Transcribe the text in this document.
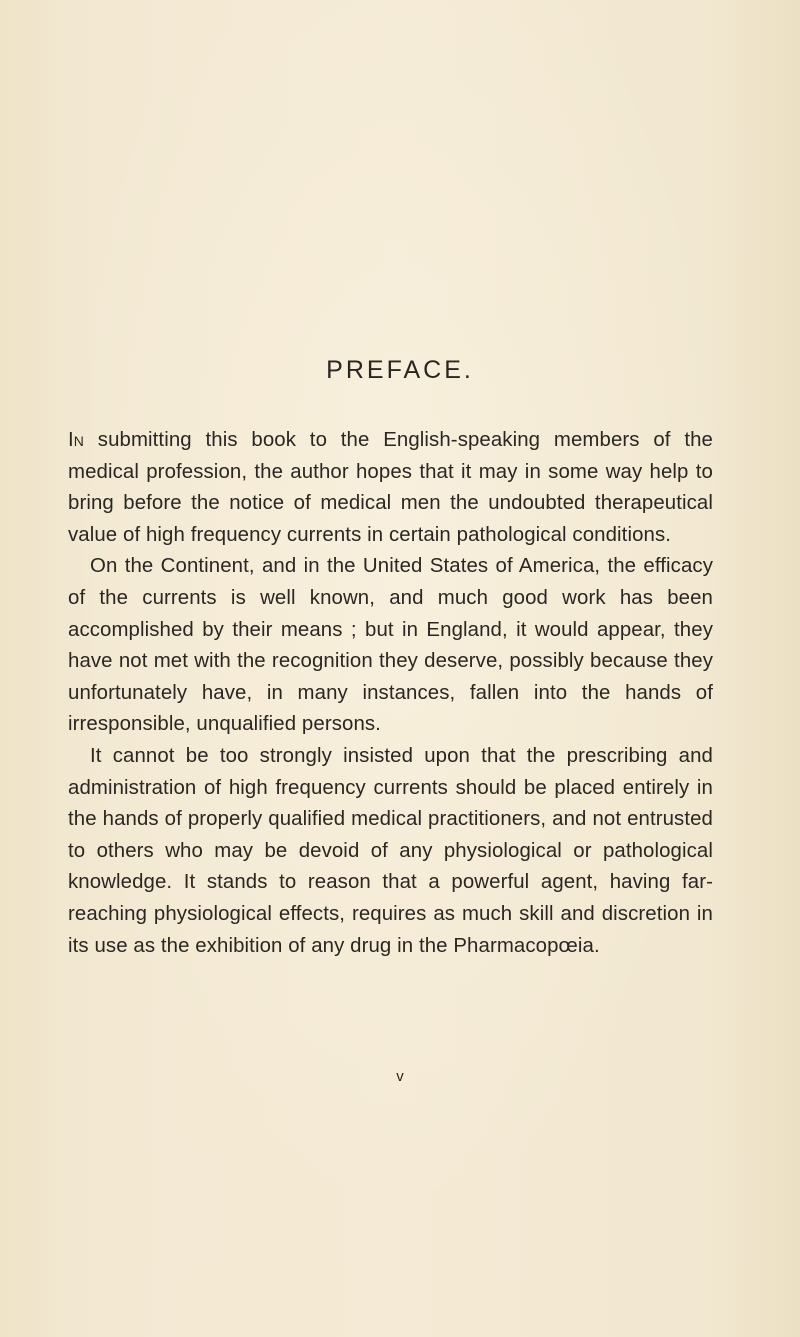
PREFACE.

In submitting this book to the English-speaking members of the medical profession, the author hopes that it may in some way help to bring before the notice of medical men the undoubted therapeutical value of high frequency currents in certain pathological conditions.

On the Continent, and in the United States of America, the efficacy of the currents is well known, and much good work has been accomplished by their means ; but in England, it would appear, they have not met with the recognition they deserve, possibly because they unfortunately have, in many instances, fallen into the hands of irresponsible, unqualified persons.

It cannot be too strongly insisted upon that the prescribing and administration of high frequency currents should be placed entirely in the hands of properly qualified medical practitioners, and not entrusted to others who may be devoid of any physiological or pathological knowledge. It stands to reason that a powerful agent, having far-reaching physiological effects, requires as much skill and discretion in its use as the exhibition of any drug in the Pharmacopœia.

v
